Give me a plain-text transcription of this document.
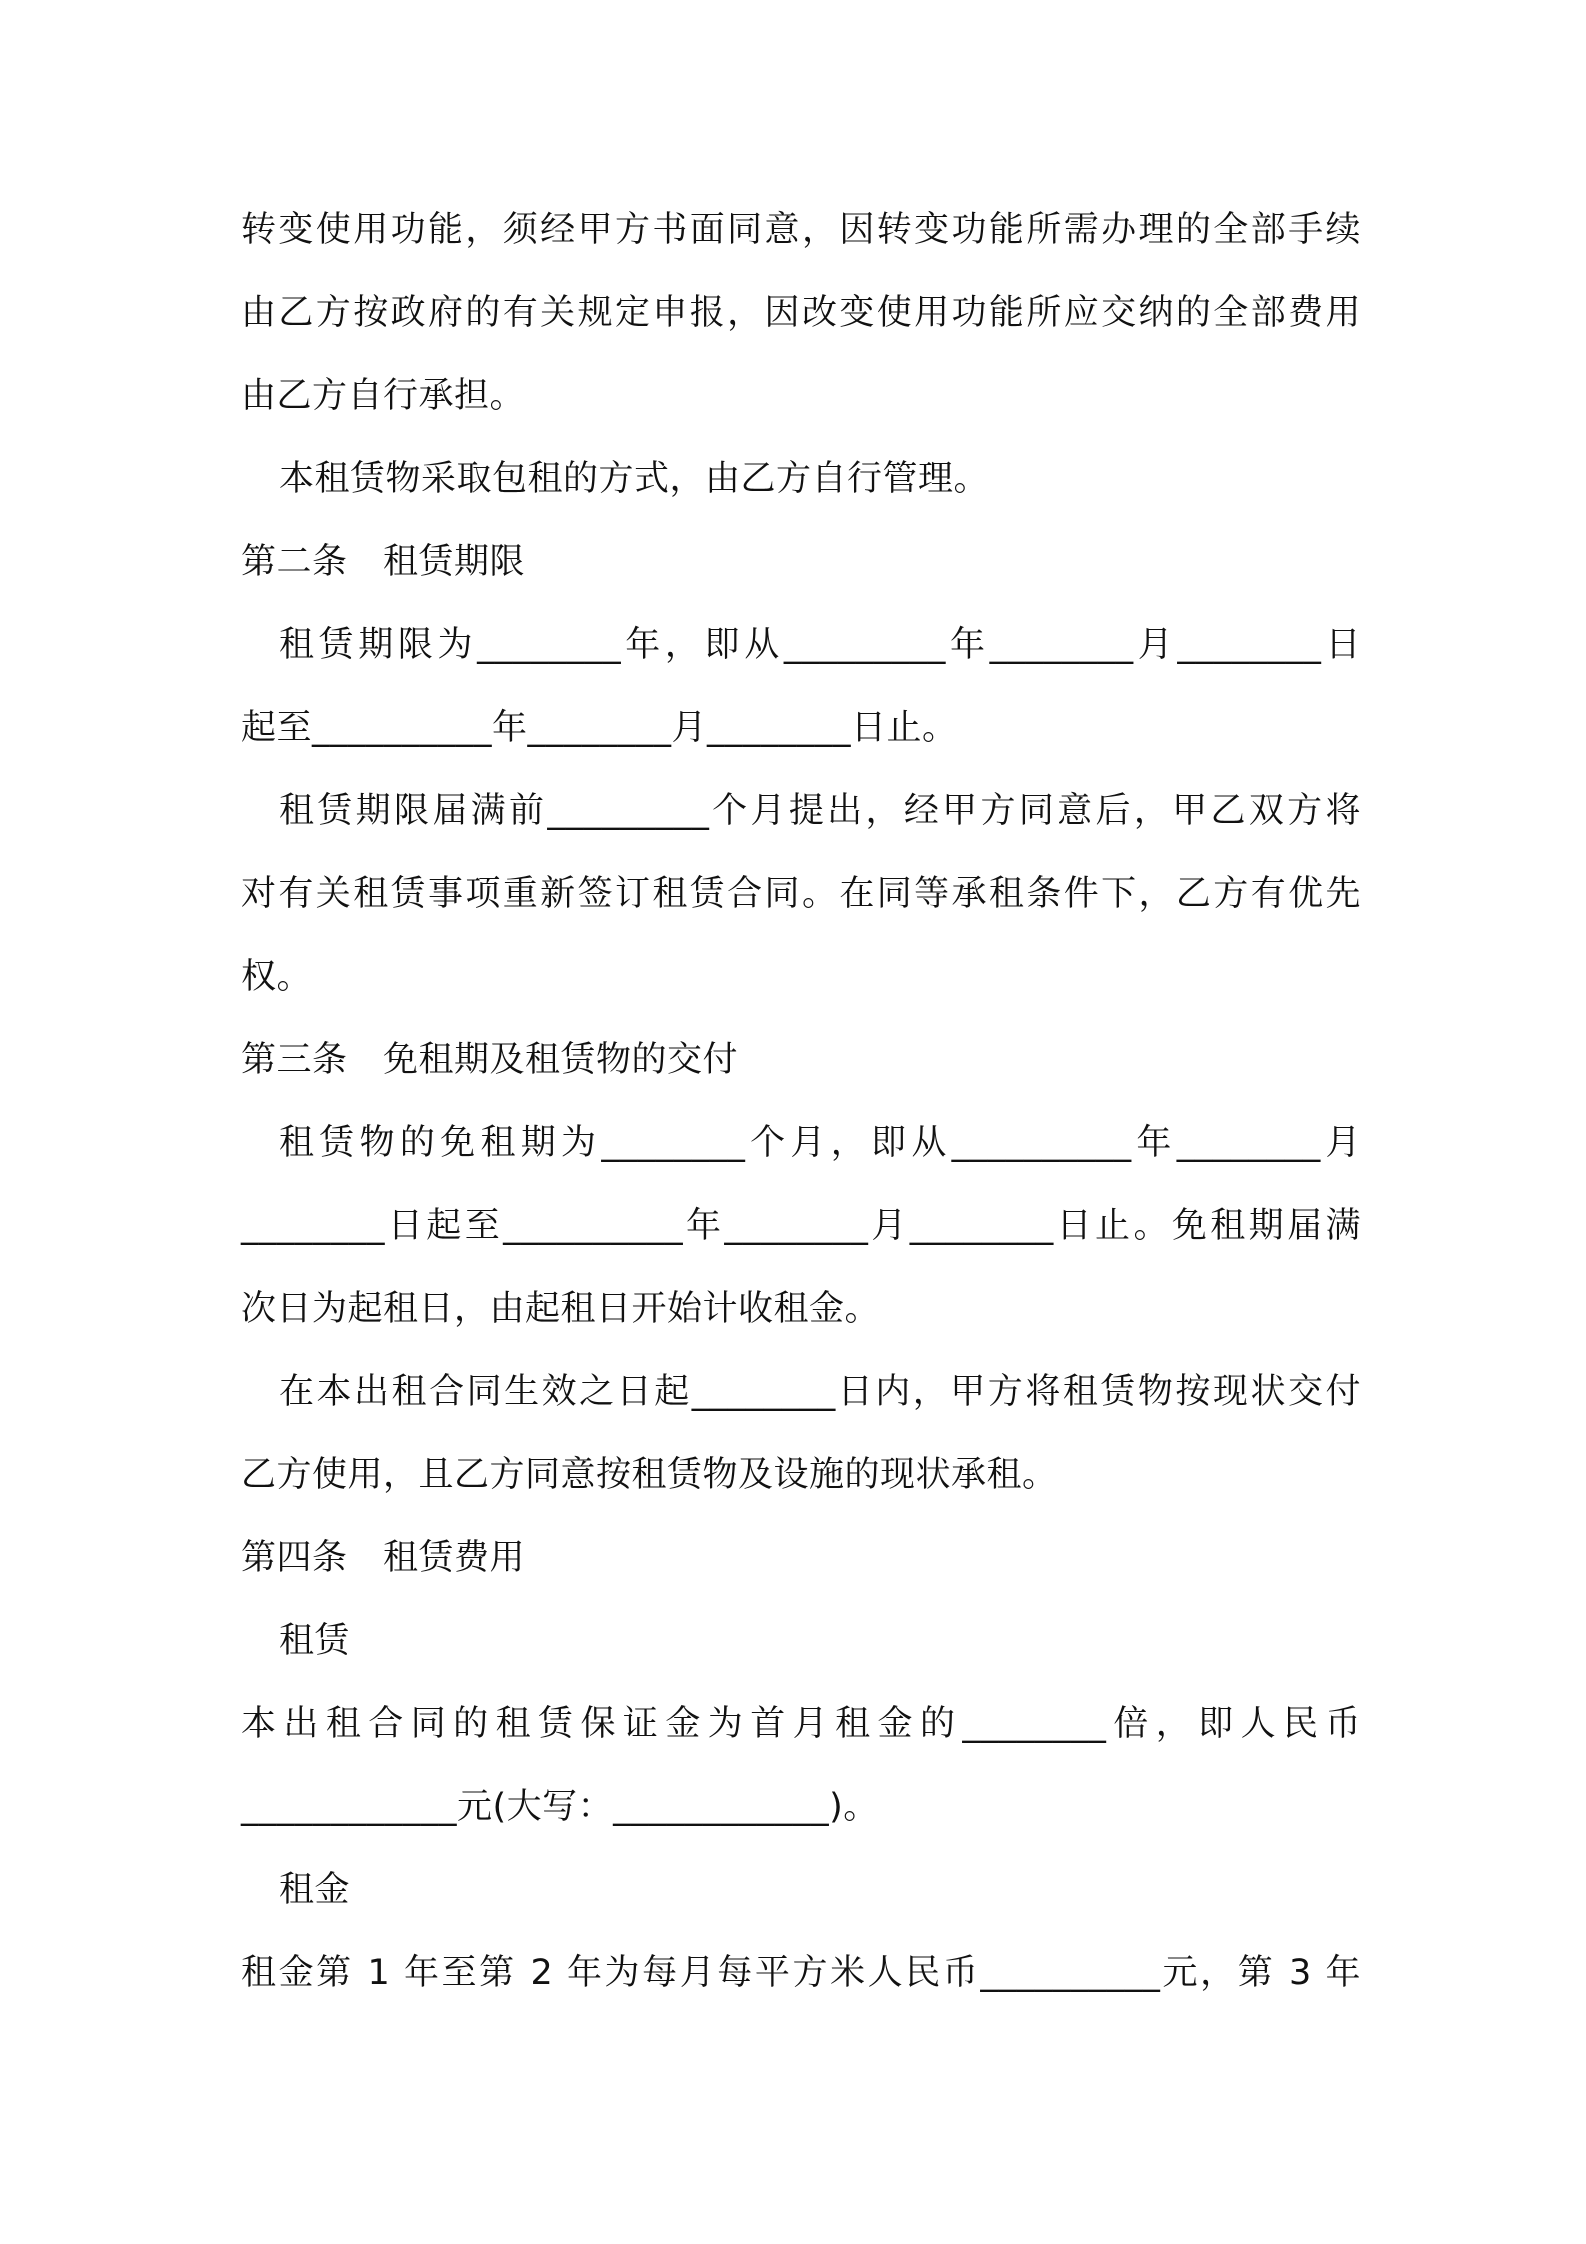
转变使用功能，须经甲方书面同意，因转变功能所需办理的全部手续
由乙方按政府的有关规定申报，因改变使用功能所应交纳的全部费用
由乙方自行承担。
本租赁物采取包租的方式，由乙方自行管理。
第二条　租赁期限
租赁期限为________年，即从_________年________月________日
起至__________年________月________日止。
租赁期限届满前_________个月提出，经甲方同意后，甲乙双方将
对有关租赁事项重新签订租赁合同。在同等承租条件下，乙方有优先
权。
第三条　免租期及租赁物的交付
租赁物的免租期为________个月，即从__________年________月
________日起至__________年________月________日止。免租期届满
次日为起租日，由起租日开始计收租金。
在本出租合同生效之日起________日内，甲方将租赁物按现状交付
乙方使用，且乙方同意按租赁物及设施的现状承租。
第四条　租赁费用
租赁
本出租合同的租赁保证金为首月租金的________倍，即人民币
____________元(大写：____________)。
租金
租金第 1 年至第 2 年为每月每平方米人民币__________元，第 3 年
